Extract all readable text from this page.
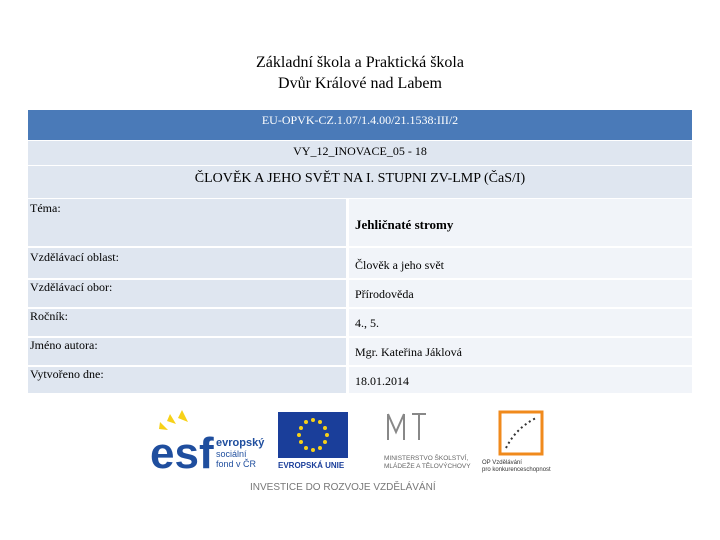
Základní škola a Praktická škola
Dvůr Králové nad Labem
EU-OPVK-CZ.1.07/1.4.00/21.1538:III/2
VY_12_INOVACE_05 - 18
ČLOVĚK A JEHO SVĚT NA I. STUPNI ZV-LMP (ČaS/I)
Téma:
Jehličnaté stromy
Vzdělávací oblast:
Člověk a jeho svět
Vzdělávací obor:	Přírodověda
Ročník:	4., 5.
Jméno autora:	Mgr. Kateřina Jáklová
Vytvořeno dne:	18.01.2014
esf evropský
sociální
fond v ČR	EVROPSKÁ UNIE
MINISTERSTVO ŠKOLSTVÍ,
MLÁDEŽE A TĚLOVÝCHOVY OP Vzdělávání
pro konkurenceschopnost
INVESTICE DO ROZVOJE VZDĚLÁVÁNÍ
